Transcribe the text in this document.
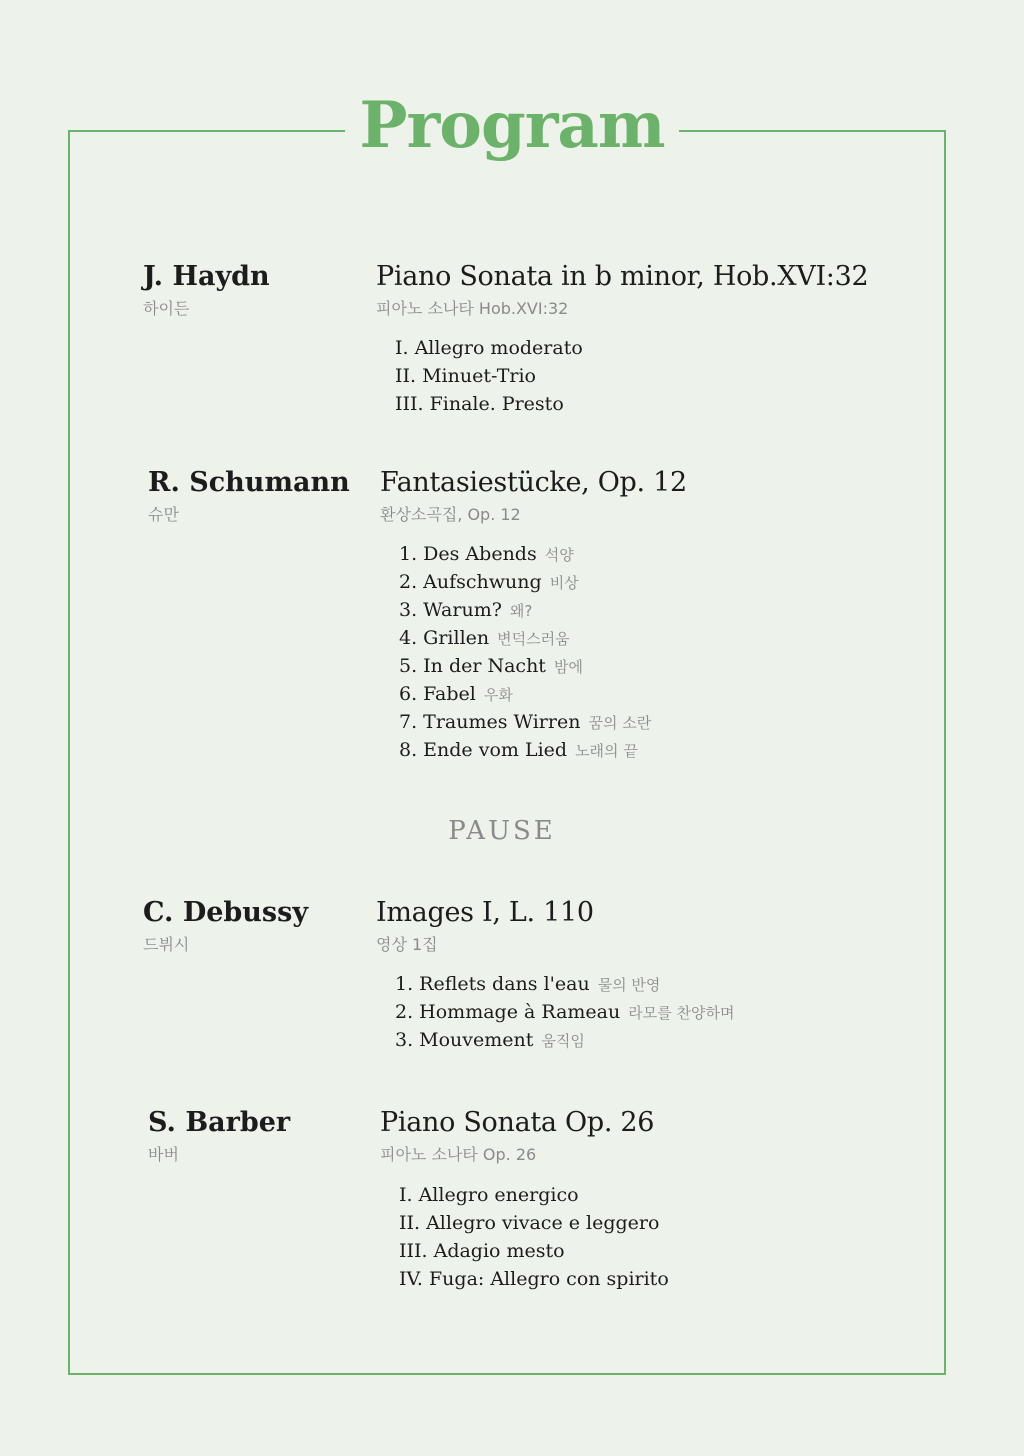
Program
J. Haydn
하이든
Piano Sonata in b minor, Hob.XVI:32
피아노 소나타 Hob.XVI:32
I. Allegro moderato
II. Minuet-Trio
III. Finale. Presto
R. Schumann
슈만
Fantasiestücke, Op. 12
환상소곡집, Op. 12
1. Des Abends 석양
2. Aufschwung 비상
3. Warum? 왜?
4. Grillen 변덕스러움
5. In der Nacht 밤에
6. Fabel 우화
7. Traumes Wirren 꿈의 소란
8. Ende vom Lied 노래의 끝
PAUSE
C. Debussy
드뷔시
Images I, L. 110
영상 1집
1. Reflets dans l'eau 물의 반영
2. Hommage à Rameau 라모를 찬양하며
3. Mouvement 움직임
S. Barber
바버
Piano Sonata Op. 26
피아노 소나타 Op. 26
I. Allegro energico
II. Allegro vivace e leggero
III. Adagio mesto
IV. Fuga: Allegro con spirito
